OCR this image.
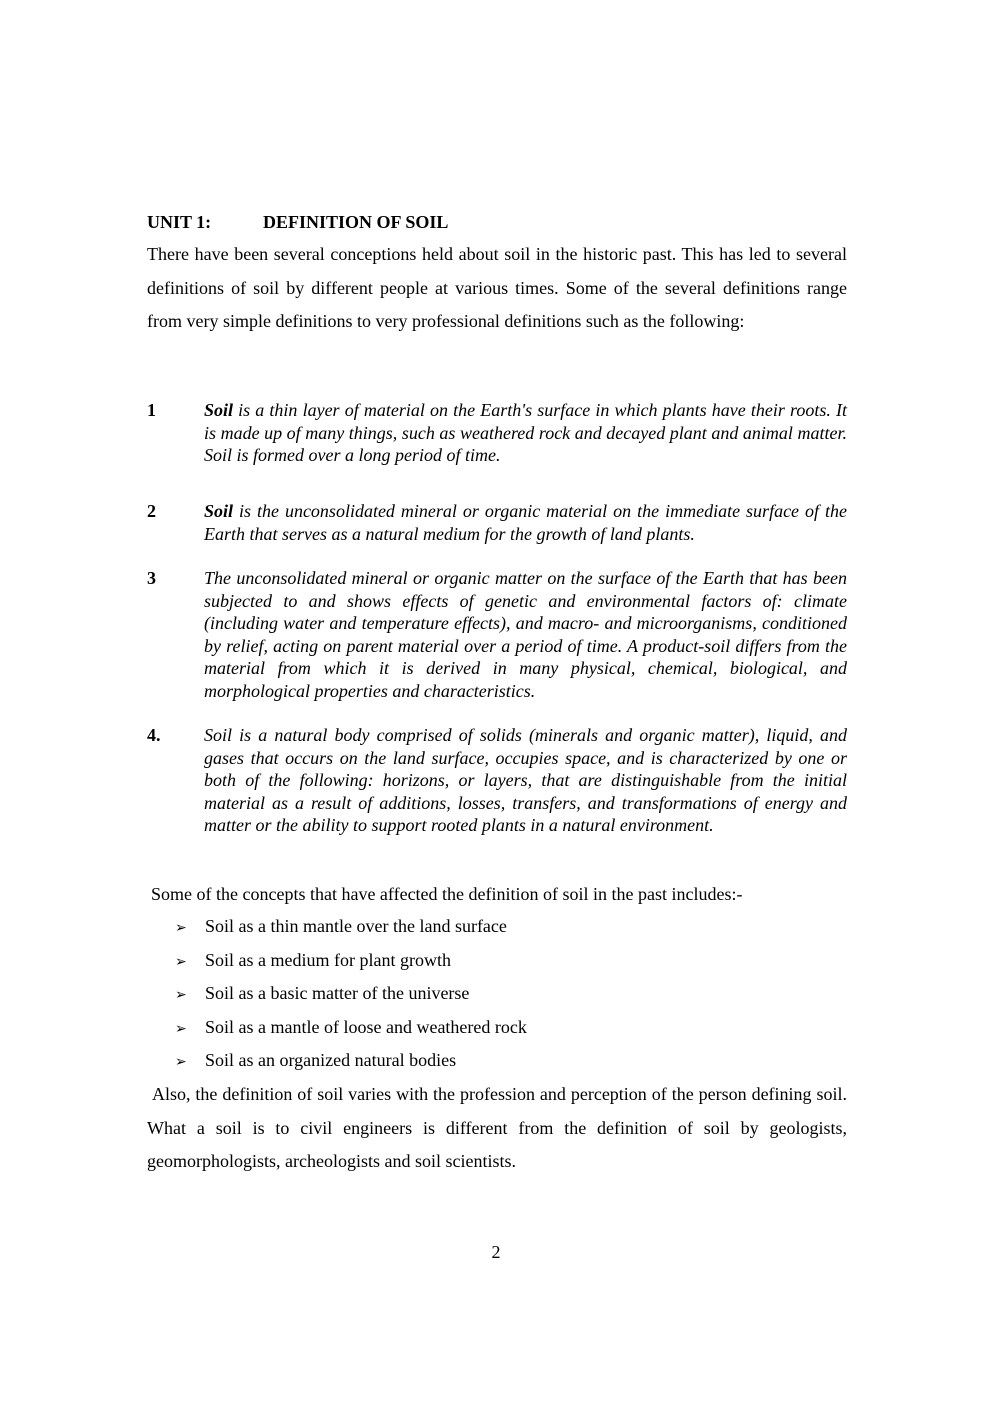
UNIT 1:	DEFINITION OF SOIL
There have been several conceptions held about soil in the historic past. This has led to several definitions of soil by different people at various times. Some of the several definitions range from very simple definitions to very professional definitions such as the following:
1	Soil is a thin layer of material on the Earth's surface in which plants have their roots. It is made up of many things, such as weathered rock and decayed plant and animal matter. Soil is formed over a long period of time.
2	Soil is the unconsolidated mineral or organic material on the immediate surface of the Earth that serves as a natural medium for the growth of land plants.
3	The unconsolidated mineral or organic matter on the surface of the Earth that has been subjected to and shows effects of genetic and environmental factors of: climate (including water and temperature effects), and macro- and microorganisms, conditioned by relief, acting on parent material over a period of time. A product-soil differs from the material from which it is derived in many physical, chemical, biological, and morphological properties and characteristics.
4. Soil is a natural body comprised of solids (minerals and organic matter), liquid, and gases that occurs on the land surface, occupies space, and is characterized by one or both of the following: horizons, or layers, that are distinguishable from the initial material as a result of additions, losses, transfers, and transformations of energy and matter or the ability to support rooted plants in a natural environment.
Some of the concepts that have affected the definition of soil in the past includes:-
➢ Soil as a thin mantle over the land surface
➢ Soil as a medium for plant growth
➢ Soil as a basic matter of the universe
➢ Soil as a mantle of loose and weathered rock
➢ Soil as an organized natural bodies
Also, the definition of soil varies with the profession and perception of the person defining soil. What a soil is to civil engineers is different from the definition of soil by geologists, geomorphologists, archeologists and soil scientists.
2
